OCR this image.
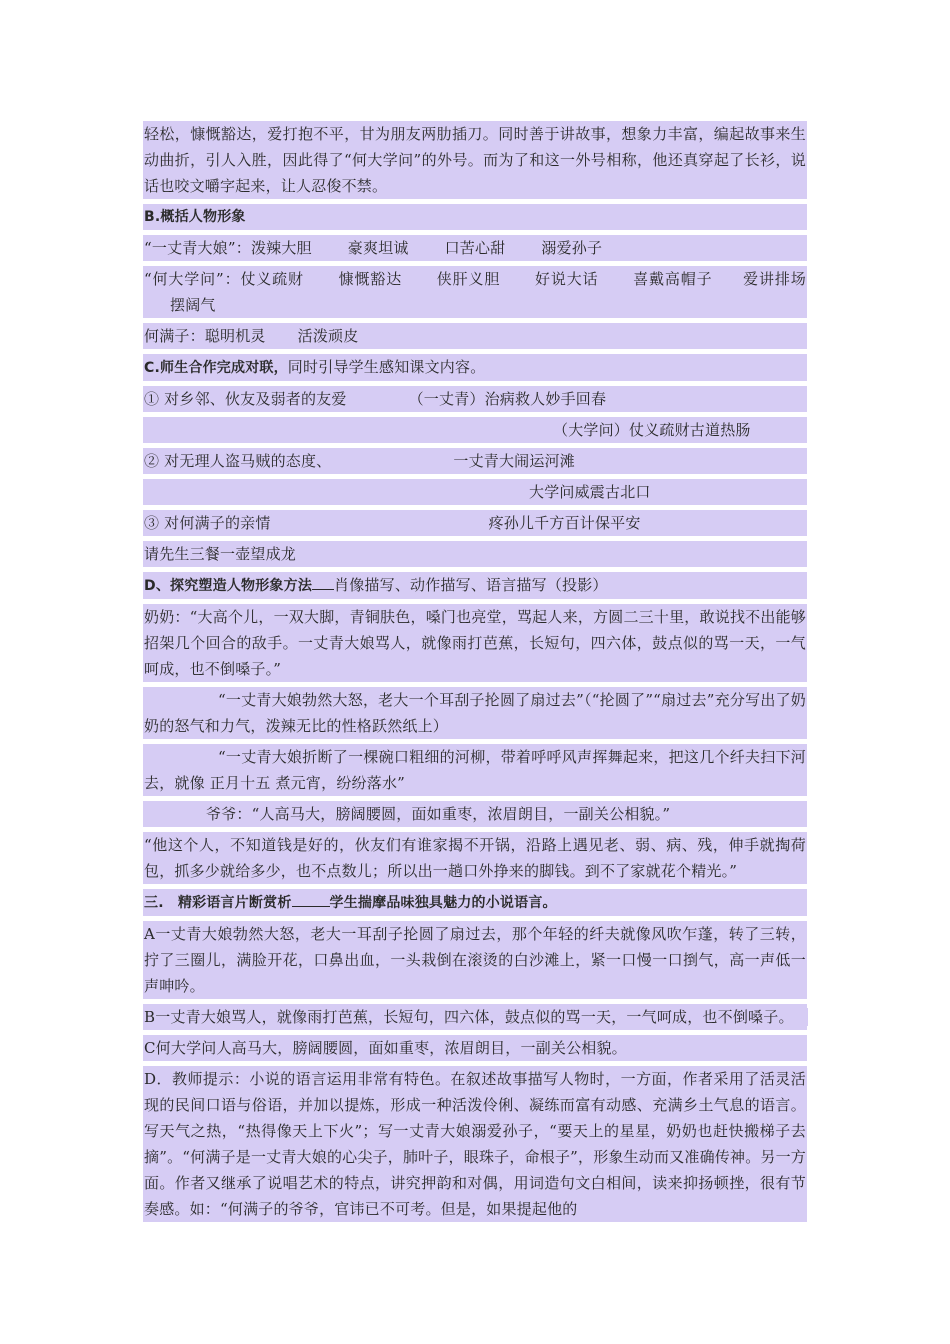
轻松，慷慨豁达，爱打抱不平，甘为朋友两肋插刀。同时善于讲故事，想象力丰富，编起故事来生动曲折，引人入胜，因此得了“何大学问”的外号。而为了和这一外号相称，他还真穿起了长衫，说话也咬文嚼字起来，让人忍俊不禁。

B.概括人物形象

“一丈青大娘”：泼辣大胆 豪爽坦诚 口苦心甜 溺爱孙子

“何大学问”：仗义疏财 慷慨豁达 侠肝义胆 好说大话 喜戴高帽子 爱讲排场摆阔气

何满子：聪明机灵 活泼顽皮

C.师生合作完成对联，同时引导学生感知课文内容。

① 对乡邻、伙友及弱者的友爱	（一丈青）治病救人妙手回春

（大学问）仗义疏财古道热肠

② 对无理人盗马贼的态度、	一丈青大闹运河滩

大学问威震古北口

③ 对何满子的亲情	疼孙儿千方百计保平安

请先生三餐一壶望成龙

D、探究塑造人物形象方法 肖像描写、动作描写、语言描写（投影）

奶奶：“大高个儿，一双大脚，青铜肤色，嗓门也亮堂，骂起人来，方圆二三十里，敢说找不出能够招架几个回合的敌手。一丈青大娘骂人，就像雨打芭蕉，长短句，四六体，鼓点似的骂一天，一气呵成，也不倒嗓子。”

“一丈青大娘勃然大怒，老大一个耳刮子抡圆了扇过去”（“抡圆了”“扇过去”充分写出了奶奶的怒气和力气，泼辣无比的性格跃然纸上）

“一丈青大娘折断了一棵碗口粗细的河柳，带着呼呼风声挥舞起来，把这几个纤夫扫下河去，就像 正月十五 煮元宵，纷纷落水”

爷爷：“人高马大，膀阔腰圆，面如重枣，浓眉朗目，一副关公相貌。”

“他这个人，不知道钱是好的，伙友们有谁家揭不开锅，沿路上遇见老、弱、病、残，伸手就掏荷包，抓多少就给多少，也不点数儿；所以出一趟口外挣来的脚钱。到不了家就花个精光。”

三.　精彩语言片断赏析	学生揣摩品味独具魅力的小说语言。

A一丈青大娘勃然大怒，老大一耳刮子抡圆了扇过去，那个年轻的纤夫就像风吹乍蓬，转了三转，拧了三圈儿，满脸开花，口鼻出血，一头栽倒在滚烫的白沙滩上，紧一口慢一口捯气，高一声低一声呻吟。

B一丈青大娘骂人，就像雨打芭蕉，长短句，四六体，鼓点似的骂一天，一气呵成，也不倒嗓子。

C何大学问人高马大，膀阔腰圆，面如重枣，浓眉朗目，一副关公相貌。

D．教师提示：小说的语言运用非常有特色。在叙述故事描写人物时，一方面，作者采用了活灵活现的民间口语与俗语，并加以提炼，形成一种活泼伶俐、凝练而富有动感、充满乡土气息的语言。写天气之热，“热得像天上下火”；写一丈青大娘溺爱孙子，“要天上的星星，奶奶也赶快搬梯子去摘”。“何满子是一丈青大娘的心尖子，肺叶子，眼珠子，命根子”，形象生动而又准确传神。另一方面。作者又继承了说唱艺术的特点，讲究押韵和对偶，用词造句文白相间，读来抑扬顿挫，很有节奏感。如：“何满子的爷爷，官讳已不可考。但是，如果提起他的
